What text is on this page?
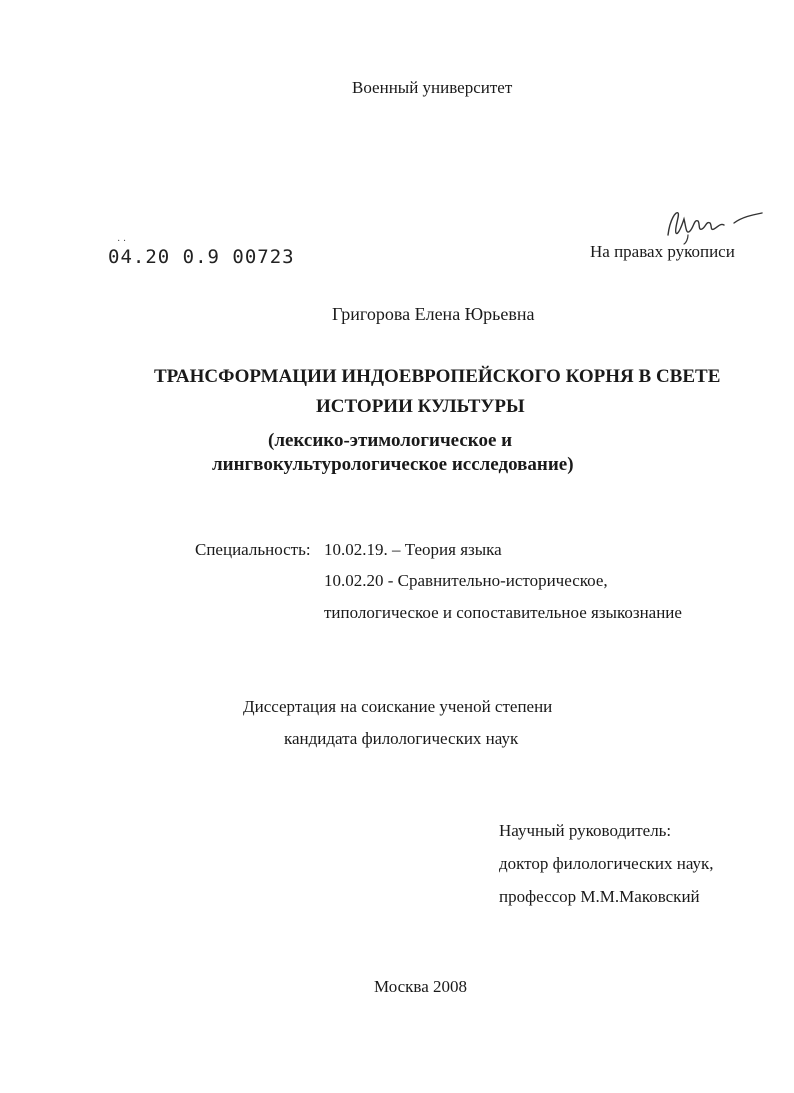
Военный университет
На правах рукописи
· ·
04.20 0.9 00723
Григорова Елена Юрьевна
ТРАНСФОРМАЦИИ ИНДОЕВРОПЕЙСКОГО КОРНЯ В СВЕТЕ
ИСТОРИИ КУЛЬТУРЫ
(лексико-этимологическое и
лингвокультурологическое исследование)
Специальность: 10.02.19. – Теория языка
10.02.20 - Сравнительно-историческое,
типологическое и сопоставительное языкознание
Диссертация на соискание ученой степени
кандидата филологических наук
Научный руководитель:
доктор филологических наук,
профессор М.М.Маковский
Москва 2008
